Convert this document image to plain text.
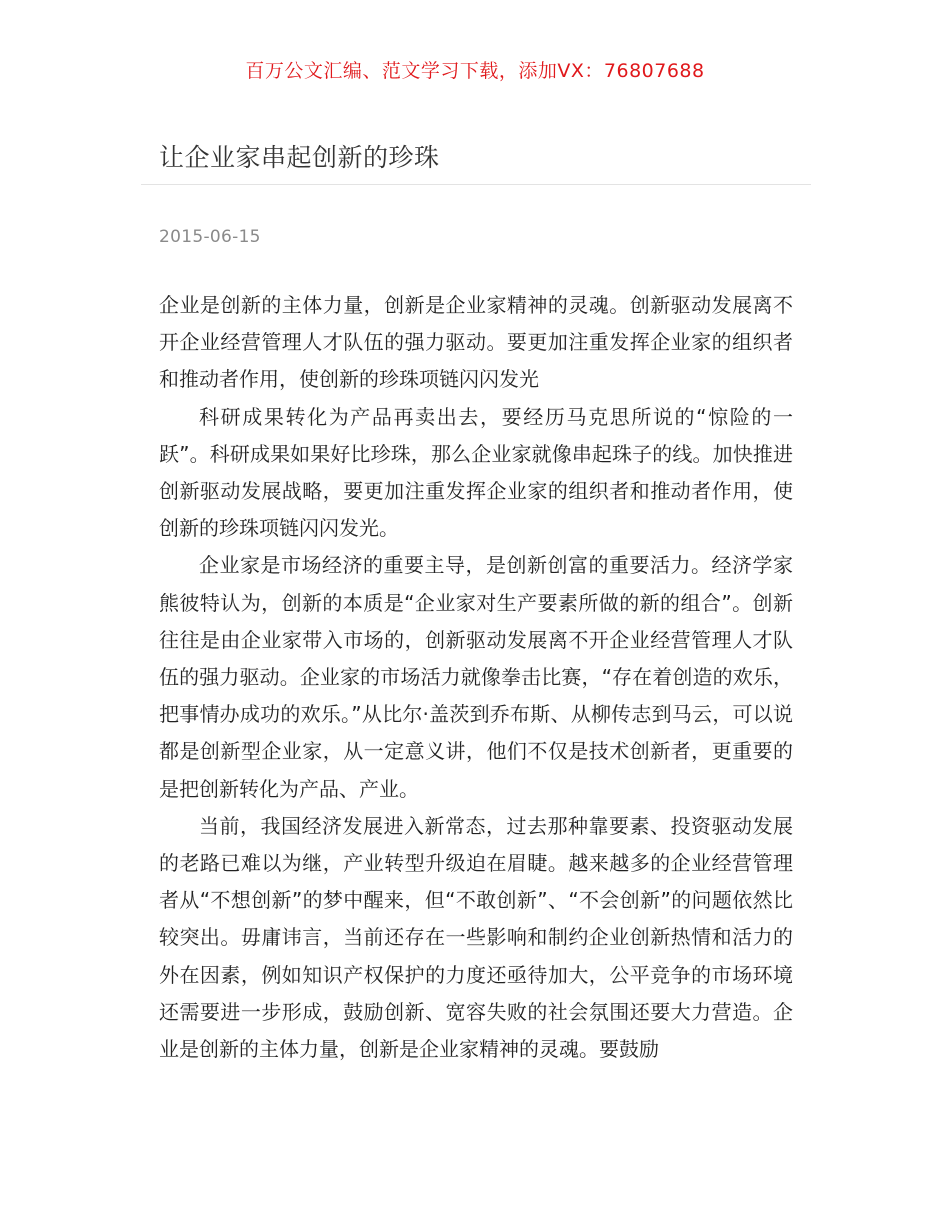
百万公文汇编、范文学习下载，添加VX：76807688
让企业家串起创新的珍珠
2015-06-15

企业是创新的主体力量，创新是企业家精神的灵魂。创新驱动发展离不开企业经营管理人才队伍的强力驱动。要更加注重发挥企业家的组织者和推动者作用，使创新的珍珠项链闪闪发光

科研成果转化为产品再卖出去，要经历马克思所说的“惊险的一跃”。科研成果如果好比珍珠，那么企业家就像串起珠子的线。加快推进创新驱动发展战略，要更加注重发挥企业家的组织者和推动者作用，使创新的珍珠项链闪闪发光。

企业家是市场经济的重要主导，是创新创富的重要活力。经济学家熊彼特认为，创新的本质是“企业家对生产要素所做的新的组合”。创新往往是由企业家带入市场的，创新驱动发展离不开企业经营管理人才队伍的强力驱动。企业家的市场活力就像拳击比赛，“存在着创造的欢乐，把事情办成功的欢乐。”从比尔·盖茨到乔布斯、从柳传志到马云，可以说都是创新型企业家，从一定意义讲，他们不仅是技术创新者，更重要的是把创新转化为产品、产业。

当前，我国经济发展进入新常态，过去那种靠要素、投资驱动发展的老路已难以为继，产业转型升级迫在眉睫。越来越多的企业经营管理者从“不想创新”的梦中醒来，但“不敢创新”、“不会创新”的问题依然比较突出。毋庸讳言，当前还存在一些影响和制约企业创新热情和活力的外在因素，例如知识产权保护的力度还亟待加大，公平竞争的市场环境还需要进一步形成，鼓励创新、宽容失败的社会氛围还要大力营造。企业是创新的主体力量，创新是企业家精神的灵魂。要鼓励
